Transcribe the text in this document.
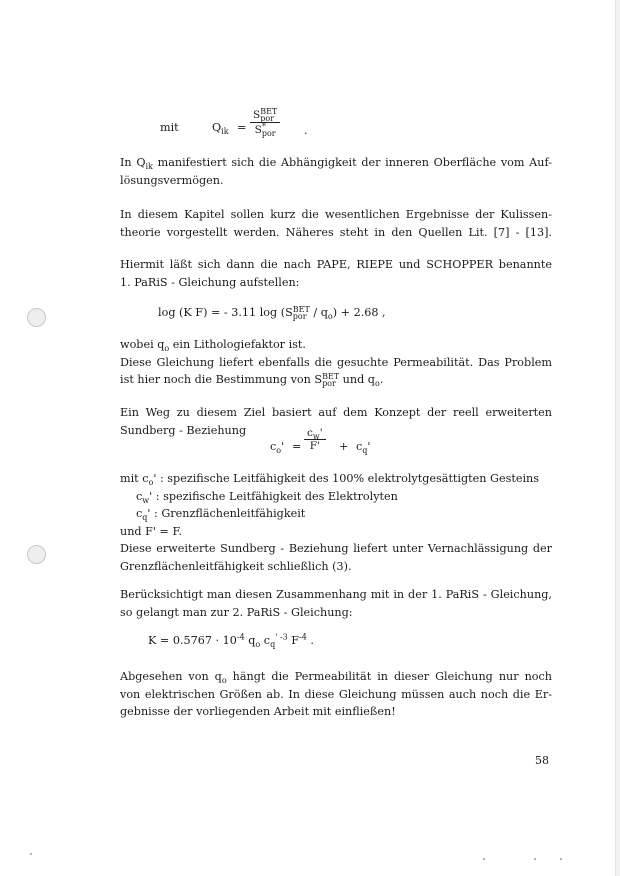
mit	$Q_{ik} = S$ BET
por
S *
por .
In $Q_{ik}$ manifestiert sich die Abhängigkeit der inneren Oberfläche vom Auf-
lösungsvermögen.
In diesem Kapitel sollen kurz die wesentlichen Ergebnisse der Kulissen-
theorie vorgestellt werden. Näheres steht in den Quellen Lit. [7] - [13].
Hiermit läßt sich dann die nach PAPE, RIEPE und SCHOPPER benannte
1. PaRiS - Gleichung aufstellen:
log (K F) = - 3.11 log (S BET
por / $q_o) + 2.68$ ,
wobei $q_o$ ein Lithologiefaktor ist.
Diese Gleichung liefert ebenfalls die gesuchte Permeabilität. Das Problem
ist hier noch die Bestimmung von S BET
por und $q_o$.
Ein Weg zu diesem Ziel basiert auf dem Konzept der reell erweiterten
Sundberg - Beziehung
$c_o' = \frac{c_w'}{F'} + c_q'$
mit $c_o'$ : spezifische Leitfähigkeit des 100% elektrolytgesättigten Gesteins
$c_w'$ : spezifische Leitfähigkeit des Elektrolyten
$c_q'$ : Grenzflächenleitfähigkeit
und F' = F.
Diese erweiterte Sundberg - Beziehung liefert unter Vernachlässigung der
Grenzflächenleitfähigkeit schließlich (3).
Berücksichtigt man diesen Zusammenhang mit in der 1. PaRiS - Gleichung,
so gelangt man zur 2. PaRiS - Gleichung:
$K = 0.5767 \cdot 10^{-4}$ $q_o$ $c_q^{' -3}$ $F^{-4}$ .
Abgesehen von $q_o$ hängt die Permeabilität in dieser Gleichung nur noch
von elektrischen Größen ab. In diese Gleichung müssen auch noch die Er-
gebnisse der vorliegenden Arbeit mit einfließen!
58
